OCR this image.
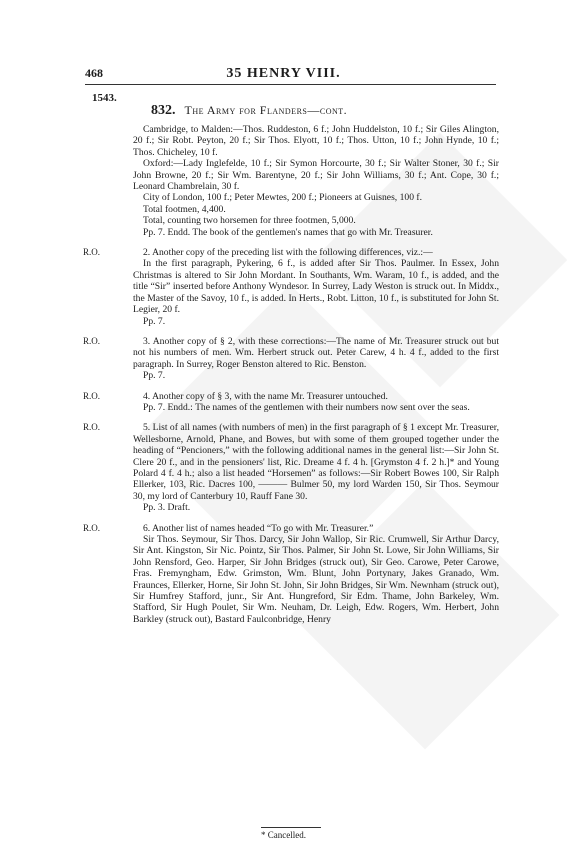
468	35 HENRY VIII.
1543.
832. The Army for Flanders—cont.

Cambridge, to Malden:—Thos. Ruddeston, 6 f.; John Huddelston, 10 f.; Sir Giles Alington, 20 f.; Sir Robt. Peyton, 20 f.; Sir Thos. Elyott, 10 f.; Thos. Utton, 10 f.; John Hynde, 10 f.; Thos. Chicheley, 10 f.

Oxford:—Lady Inglefelde, 10 f.; Sir Symon Horcourte, 30 f.; Sir Walter Stoner, 30 f.; Sir John Browne, 20 f.; Sir Wm. Barentyne, 20 f.; Sir John Williams, 30 f.; Ant. Cope, 30 f.; Leonard Chambrelain, 30 f.

City of London, 100 f.; Peter Mewtes, 200 f.; Pioneers at Guisnes, 100 f.

Total footmen, 4,400.

Total, counting two horsemen for three footmen, 5,000.

Pp. 7. Endd. The book of the gentlemen's names that go with Mr. Treasurer.

R.O.	2. Another copy of the preceding list with the following differences, viz.:—

In the first paragraph, Pykering, 6 f., is added after Sir Thos. Paulmer. In Essex, John Christmas is altered to Sir John Mordant. In Southants, Wm. Waram, 10 f., is added, and the title “Sir” inserted before Anthony Wyndesor. In Surrey, Lady Weston is struck out. In Middx., the Master of the Savoy, 10 f., is added. In Herts., Robt. Litton, 10 f., is substituted for John St. Legier, 20 f.

Pp. 7.

R.O.	3. Another copy of § 2, with these corrections:—The name of Mr. Treasurer struck out but not his numbers of men. Wm. Herbert struck out. Peter Carew, 4 h. 4 f., added to the first paragraph. In Surrey, Roger Benston altered to Ric. Benston.

Pp. 7.

R.O.	4. Another copy of § 3, with the name Mr. Treasurer untouched.

Pp. 7. Endd.: The names of the gentlemen with their numbers now sent over the seas.

R.O.	5. List of all names (with numbers of men) in the first paragraph of § 1 except Mr. Treasurer, Wellesborne, Arnold, Phane, and Bowes, but with some of them grouped together under the heading of “Pencioners,” with the following additional names in the general list:—Sir John St. Clere 20 f., and in the pensioners' list, Ric. Dreame 4 f. 4 h. [Grymston 4 f. 2 h.]* and Young Polard 4 f. 4 h.; also a list headed “Horsemen” as follows:—Sir Robert Bowes 100, Sir Ralph Ellerker, 103, Ric. Dacres 100, ——— Bulmer 50, my lord Warden 150, Sir Thos. Seymour 30, my lord of Canterbury 10, Rauff Fane 30.

Pp. 3. Draft.

R.O.	6. Another list of names headed “To go with Mr. Treasurer.”

Sir Thos. Seymour, Sir Thos. Darcy, Sir John Wallop, Sir Ric. Crumwell, Sir Arthur Darcy, Sir Ant. Kingston, Sir Nic. Pointz, Sir Thos. Palmer, Sir John St. Lowe, Sir John Williams, Sir John Rensford, Geo. Harper, Sir John Bridges (struck out), Sir Geo. Carowe, Peter Carowe, Fras. Fremyngham, Edw. Grimston, Wm. Blunt, John Portynary, Jakes Granado, Wm. Fraunces, Ellerker, Horne, Sir John St. John, Sir John Bridges, Sir Wm. Newnham (struck out), Sir Humfrey Stafford, junr., Sir Ant. Hungreford, Sir Edm. Thame, John Barkeley, Wm. Stafford, Sir Hugh Poulet, Sir Wm. Neuham, Dr. Leigh, Edw. Rogers, Wm. Herbert, John Barkley (struck out), Bastard Faulconbridge, Henry

* Cancelled.
